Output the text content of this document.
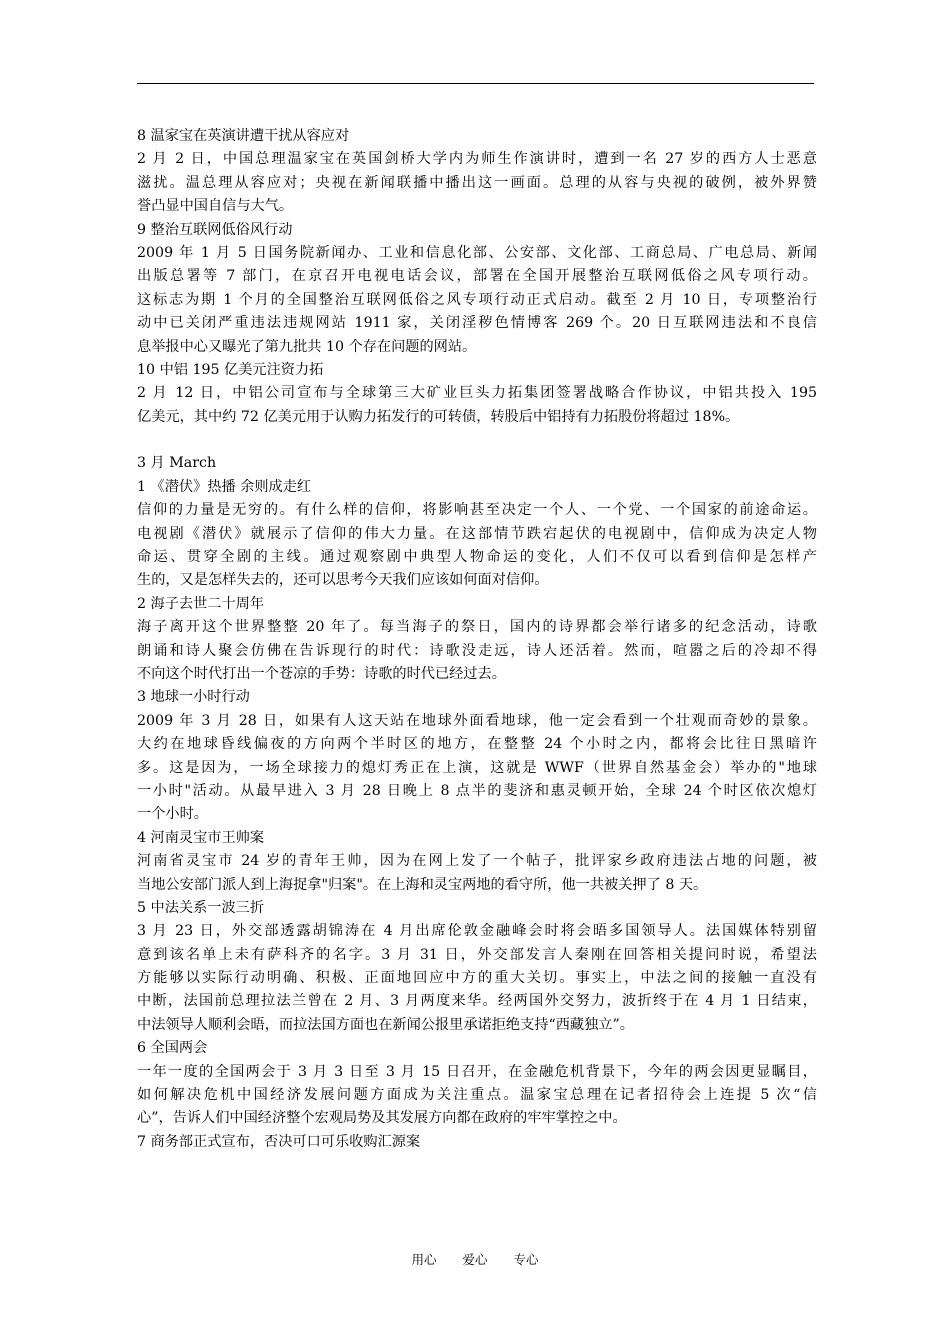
8 温家宝在英演讲遭干扰从容应对
2 月 2 日，中国总理温家宝在英国剑桥大学内为师生作演讲时，遭到一名 27 岁的西方人士恶意
滋扰。温总理从容应对；央视在新闻联播中播出这一画面。总理的从容与央视的破例，被外界赞
誉凸显中国自信与大气。
9 整治互联网低俗风行动
2009 年 1 月 5 日国务院新闻办、工业和信息化部、公安部、文化部、工商总局、广电总局、新闻
出版总署等 7 部门，在京召开电视电话会议，部署在全国开展整治互联网低俗之风专项行动。
这标志为期 1 个月的全国整治互联网低俗之风专项行动正式启动。截至 2 月 10 日，专项整治行
动中已关闭严重违法违规网站 1911 家，关闭淫秽色情博客 269 个。20 日互联网违法和不良信
息举报中心又曝光了第九批共 10 个存在问题的网站。
10 中铝 195 亿美元注资力拓
2 月 12 日，中铝公司宣布与全球第三大矿业巨头力拓集团签署战略合作协议，中铝共投入 195
亿美元，其中约 72 亿美元用于认购力拓发行的可转债，转股后中铝持有力拓股份将超过 18%。
3 月 March
1 《潜伏》热播 余则成走红
信仰的力量是无穷的。有什么样的信仰，将影响甚至决定一个人、一个党、一个国家的前途命运。
电视剧《潜伏》就展示了信仰的伟大力量。在这部情节跌宕起伏的电视剧中，信仰成为决定人物
命运、贯穿全剧的主线。通过观察剧中典型人物命运的变化，人们不仅可以看到信仰是怎样产
生的，又是怎样失去的，还可以思考今天我们应该如何面对信仰。
2 海子去世二十周年
海子离开这个世界整整 20 年了。每当海子的祭日，国内的诗界都会举行诸多的纪念活动，诗歌
朗诵和诗人聚会仿佛在告诉现行的时代：诗歌没走远，诗人还活着。然而，喧嚣之后的冷却不得
不向这个时代打出一个苍凉的手势：诗歌的时代已经过去。
3 地球一小时行动
2009 年 3 月 28 日，如果有人这天站在地球外面看地球，他一定会看到一个壮观而奇妙的景象。
大约在地球昏线偏夜的方向两个半时区的地方，在整整 24 个小时之内，都将会比往日黑暗许
多。这是因为，一场全球接力的熄灯秀正在上演，这就是 WWF（世界自然基金会）举办的"地球
一小时"活动。从最早进入 3 月 28 日晚上 8 点半的斐济和惠灵顿开始，全球 24 个时区依次熄灯
一个小时。
4 河南灵宝市王帅案
河南省灵宝市 24 岁的青年王帅，因为在网上发了一个帖子，批评家乡政府违法占地的问题，被
当地公安部门派人到上海捉拿"归案"。在上海和灵宝两地的看守所，他一共被关押了 8 天。
5 中法关系一波三折
3 月 23 日，外交部透露胡锦涛在 4 月出席伦敦金融峰会时将会晤多国领导人。法国媒体特别留
意到该名单上未有萨科齐的名字。3 月 31 日，外交部发言人秦刚在回答相关提问时说，希望法
方能够以实际行动明确、积极、正面地回应中方的重大关切。事实上，中法之间的接触一直没有
中断，法国前总理拉法兰曾在 2 月、3 月两度来华。经两国外交努力，波折终于在 4 月 1 日结束，
中法领导人顺利会晤，而拉法国方面也在新闻公报里承诺拒绝支持“西藏独立”。
6 全国两会
一年一度的全国两会于 3 月 3 日至 3 月 15 日召开，在金融危机背景下，今年的两会因更显瞩目，
如何解决危机中国经济发展问题方面成为关注重点。温家宝总理在记者招待会上连提 5 次“信
心”，告诉人们中国经济整个宏观局势及其发展方向都在政府的牢牢掌控之中。
7 商务部正式宣布，否决可口可乐收购汇源案
用心 爱心 专心
